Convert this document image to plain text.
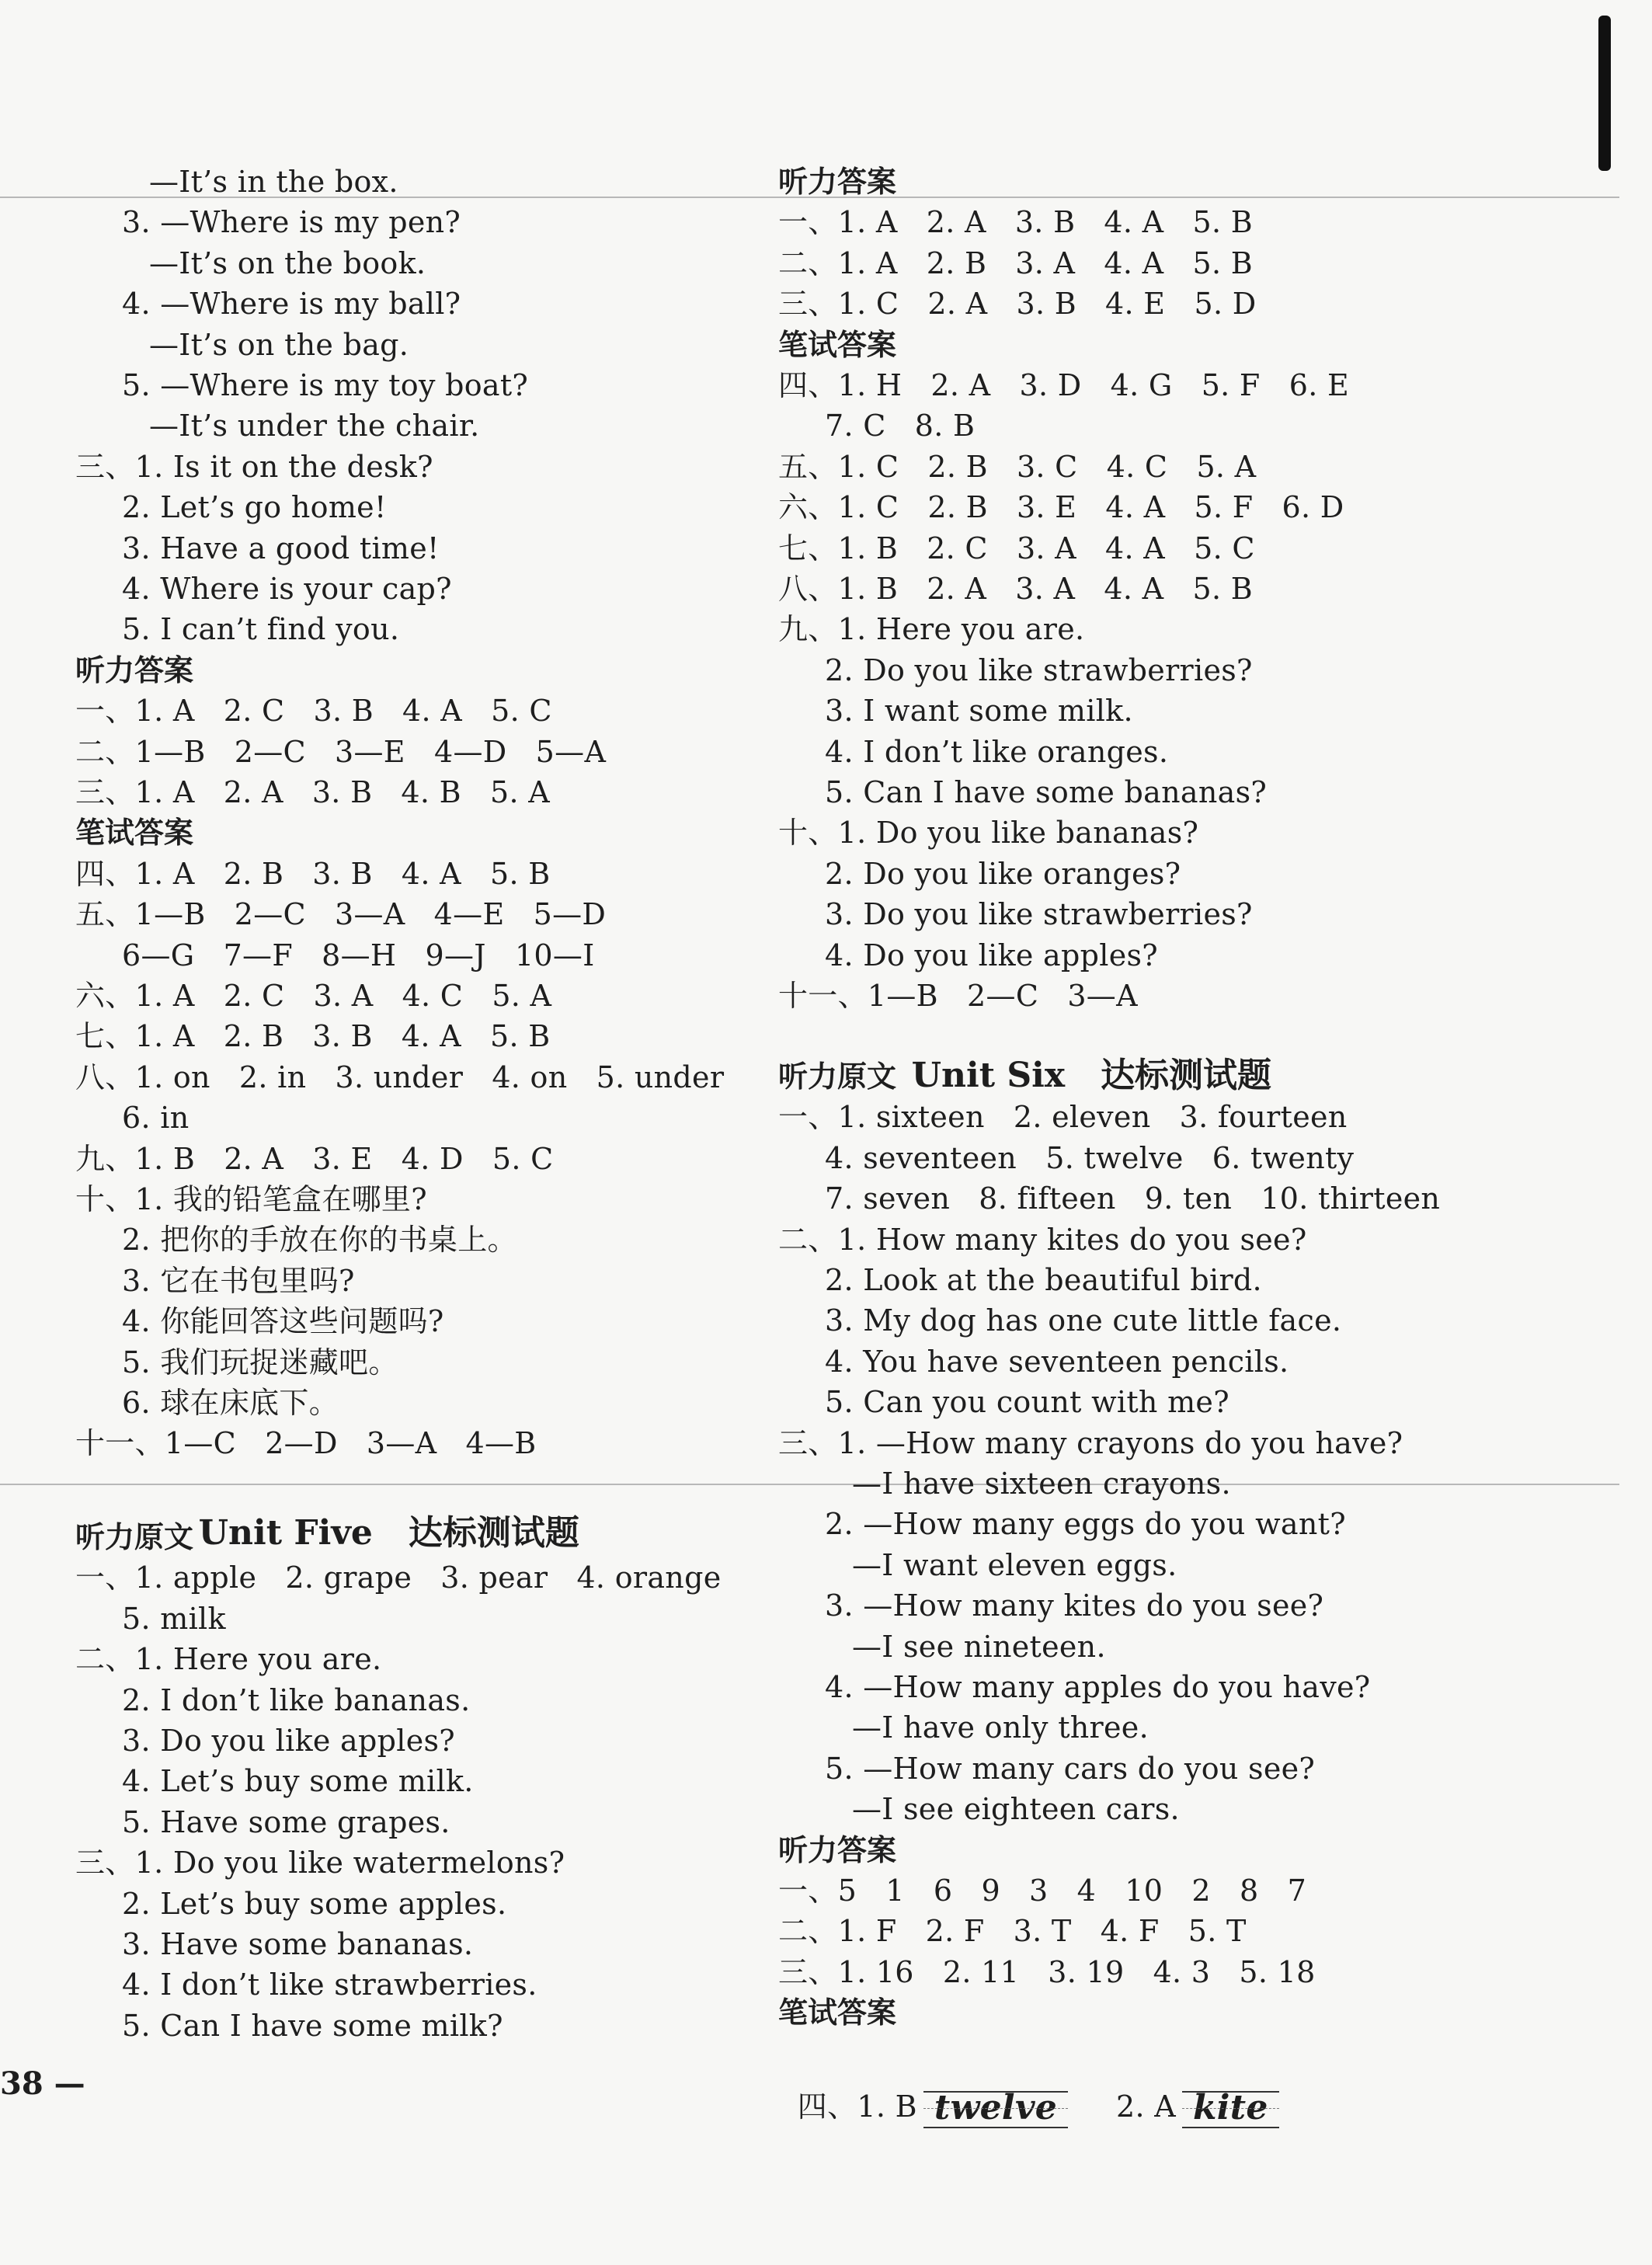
—It’s in the box.
3. —Where is my pen?
—It’s on the book.
4. —Where is my ball?
—It’s on the bag.
5. —Where is my toy boat?
—It’s under the chair.
三、1. Is it on the desk?
2. Let’s go home!
3. Have a good time!
4. Where is your cap?
5. I can’t find you.
听力答案
一、1. A   2. C   3. B   4. A   5. C
二、1—B   2—C   3—E   4—D   5—A
三、1. A   2. A   3. B   4. B   5. A
笔试答案
四、1. A   2. B   3. B   4. A   5. B
五、1—B   2—C   3—A   4—E   5—D
6—G   7—F   8—H   9—J   10—I
六、1. A   2. C   3. A   4. C   5. A
七、1. A   2. B   3. B   4. A   5. B
八、1. on   2. in   3. under   4. on   5. under
6. in
九、1. B   2. A   3. E   4. D   5. C
十、1. 我的铅笔盒在哪里?
2. 把你的手放在你的书桌上。
3. 它在书包里吗?
4. 你能回答这些问题吗?
5. 我们玩捉迷藏吧。
6. 球在床底下。
十一、1—C   2—D   3—A   4—B
听力原文
一、1. apple   2. grape   3. pear   4. orange
5. milk
二、1. Here you are.
2. I don’t like bananas.
3. Do you like apples?
4. Let’s buy some milk.
5. Have some grapes.
三、1. Do you like watermelons?
2. Let’s buy some apples.
3. Have some bananas.
4. I don’t like strawberries.
5. Can I have some milk?
听力答案
一、1. A   2. A   3. B   4. A   5. B
二、1. A   2. B   3. A   4. A   5. B
三、1. C   2. A   3. B   4. E   5. D
笔试答案
四、1. H   2. A   3. D   4. G   5. F   6. E
7. C   8. B
五、1. C   2. B   3. C   4. C   5. A
六、1. C   2. B   3. E   4. A   5. F   6. D
七、1. B   2. C   3. A   4. A   5. C
八、1. B   2. A   3. A   4. A   5. B
九、1. Here you are.
2. Do you like strawberries?
3. I want some milk.
4. I don’t like oranges.
5. Can I have some bananas?
十、1. Do you like bananas?
2. Do you like oranges?
3. Do you like strawberries?
4. Do you like apples?
十一、1—B   2—C   3—A
听力原文
一、1. sixteen   2. eleven   3. fourteen
4. seventeen   5. twelve   6. twenty
7. seven   8. fifteen   9. ten   10. thirteen
二、1. How many kites do you see?
2. Look at the beautiful bird.
3. My dog has one cute little face.
4. You have seventeen pencils.
5. Can you count with me?
三、1. —How many crayons do you have?
—I have sixteen crayons.
2. —How many eggs do you want?
—I want eleven eggs.
3. —How many kites do you see?
—I see nineteen.
4. —How many apples do you have?
—I have only three.
5. —How many cars do you see?
—I see eighteen cars.
听力答案
一、5   1   6   9   3   4   10   2   8   7
二、1. F   2. F   3. T   4. F   5. T
三、1. 16   2. 11   3. 19   4. 3   5. 18
笔试答案

Unit Five 达标测试题

Unit Six 达标测试题

四、1. B twelve 2. A kite

38 —
